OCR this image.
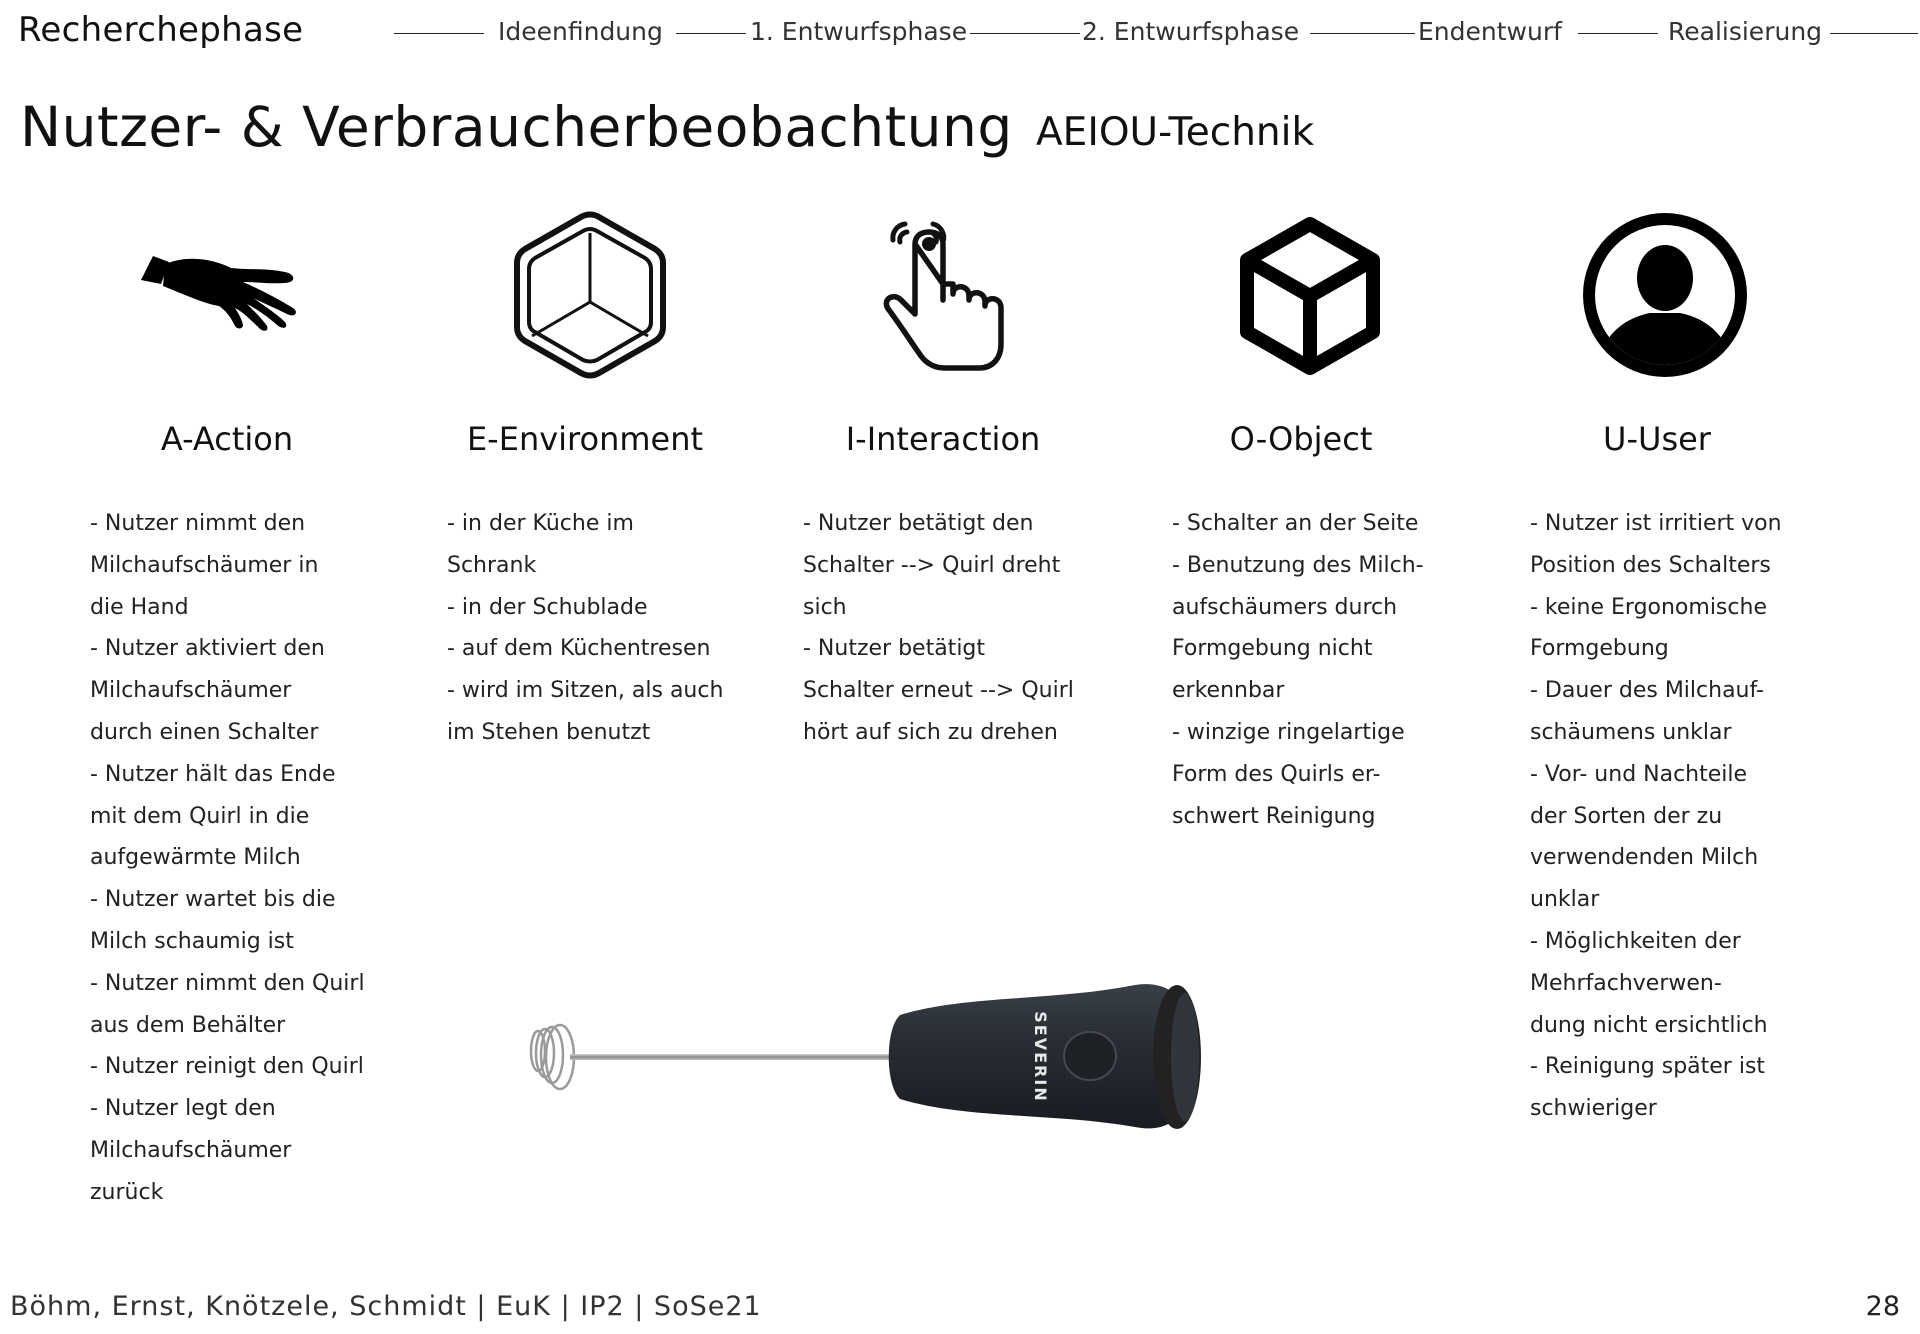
Recherchephase	Ideenfindung	1. Entwurfsphase	2. Entwurfsphase	Endentwurf	Realisierung
Nutzer- & Verbraucherbeobachtung AEIOU-Technik
A-Action	E-Environment	I-Interaction	O-Object	U-User
- Nutzer nimmt den
Milchaufschäumer in
die Hand
- Nutzer aktiviert den
Milchaufschäumer
durch einen Schalter
- Nutzer hält das Ende
mit dem Quirl in die
aufgewärmte Milch
- Nutzer wartet bis die
Milch schaumig ist
- Nutzer nimmt den Quirl
aus dem Behälter
- Nutzer reinigt den Quirl
- Nutzer legt den
Milchaufschäumer
zurück
- in der Küche im
Schrank
- in der Schublade
- auf dem Küchentresen
- wird im Sitzen, als auch
im Stehen benutzt
- Nutzer betätigt den
Schalter --> Quirl dreht
sich
- Nutzer betätigt
Schalter erneut --> Quirl
hört auf sich zu drehen
- Schalter an der Seite
- Benutzung des Milch-
aufschäumers durch
Formgebung nicht
erkennbar
- winzige ringelartige
Form des Quirls er-
schwert Reinigung
- Nutzer ist irritiert von
Position des Schalters
- keine Ergonomische
Formgebung
- Dauer des Milchauf-
schäumens unklar
- Vor- und Nachteile
der Sorten der zu
verwendenden Milch
unklar
- Möglichkeiten der
Mehrfachverwen-
dung nicht ersichtlich
- Reinigung später ist
schwieriger
SEVERIN
Böhm, Ernst, Knötzele, Schmidt | EuK | IP2 | SoSe21	28
